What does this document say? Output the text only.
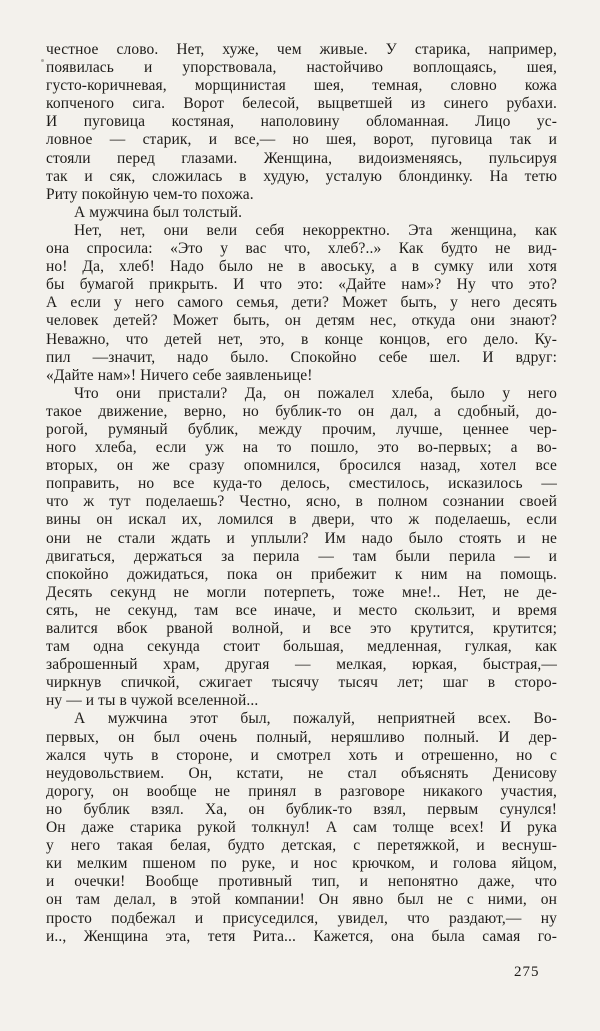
честное слово. Нет, хуже, чем живые. У старика, например,
появилась и упорствовала, настойчиво воплощаясь, шея,
густо-коричневая, морщинистая шея, темная, словно кожа
копченого сига. Ворот белесой, выцветшей из синего рубахи.
И пуговица костяная, наполовину обломанная. Лицо ус-
ловное — старик, и все,— но шея, ворот, пуговица так и
стояли перед глазами. Женщина, видоизменяясь, пульсируя
так и сяк, сложилась в худую, усталую блондинку. На тетю
Риту покойную чем-то похожа.
А мужчина был толстый.
Нет, нет, они вели себя некорректно. Эта женщина, как
она спросила: «Это у вас что, хлеб?..» Как будто не вид-
но! Да, хлеб! Надо было не в авоську, а в сумку или хотя
бы бумагой прикрыть. И что это: «Дайте нам»? Ну что это?
А если у него самого семья, дети? Может быть, у него десять
человек детей? Может быть, он детям нес, откуда они знают?
Неважно, что детей нет, это, в конце концов, его дело. Ку-
пил —значит, надо было. Спокойно себе шел. И вдруг:
«Дайте нам»! Ничего себе заявленьице!
Что они пристали? Да, он пожалел хлеба, было у него
такое движение, верно, но бублик-то он дал, а сдобный, до-
рогой, румяный бублик, между прочим, лучше, ценнее чер-
ного хлеба, если уж на то пошло, это во-первых; а во-
вторых, он же сразу опомнился, бросился назад, хотел все
поправить, но все куда-то делось, сместилось, исказилось —
что ж тут поделаешь? Честно, ясно, в полном сознании своей
вины он искал их, ломился в двери, что ж поделаешь, если
они не стали ждать и уплыли? Им надо было стоять и не
двигаться, держаться за перила — там были перила — и
спокойно дожидаться, пока он прибежит к ним на помощь.
Десять секунд не могли потерпеть, тоже мне!.. Нет, не де-
сять, не секунд, там все иначе, и место скользит, и время
валится вбок рваной волной, и все это крутится, крутится;
там одна секунда стоит большая, медленная, гулкая, как
заброшенный храм, другая — мелкая, юркая, быстрая,—
чиркнув спичкой, сжигает тысячу тысяч лет; шаг в сторо-
ну — и ты в чужой вселенной...
А мужчина этот был, пожалуй, неприятней всех. Во-
первых, он был очень полный, неряшливо полный. И дер-
жался чуть в стороне, и смотрел хоть и отрешенно, но с
неудовольствием. Он, кстати, не стал объяснять Денисову
дорогу, он вообще не принял в разговоре никакого участия,
но бублик взял. Ха, он бублик-то взял, первым сунулся!
Он даже старика рукой толкнул! А сам толще всех! И рука
у него такая белая, будто детская, с перетяжкой, и веснуш-
ки мелким пшеном по руке, и нос крючком, и голова яйцом,
и очечки! Вообще противный тип, и непонятно даже, что
он там делал, в этой компании! Он явно был не с ними, он
просто подбежал и присуседился, увидел, что раздают,— ну
и.., Женщина эта, тетя Рита... Кажется, она была самая го-
275
